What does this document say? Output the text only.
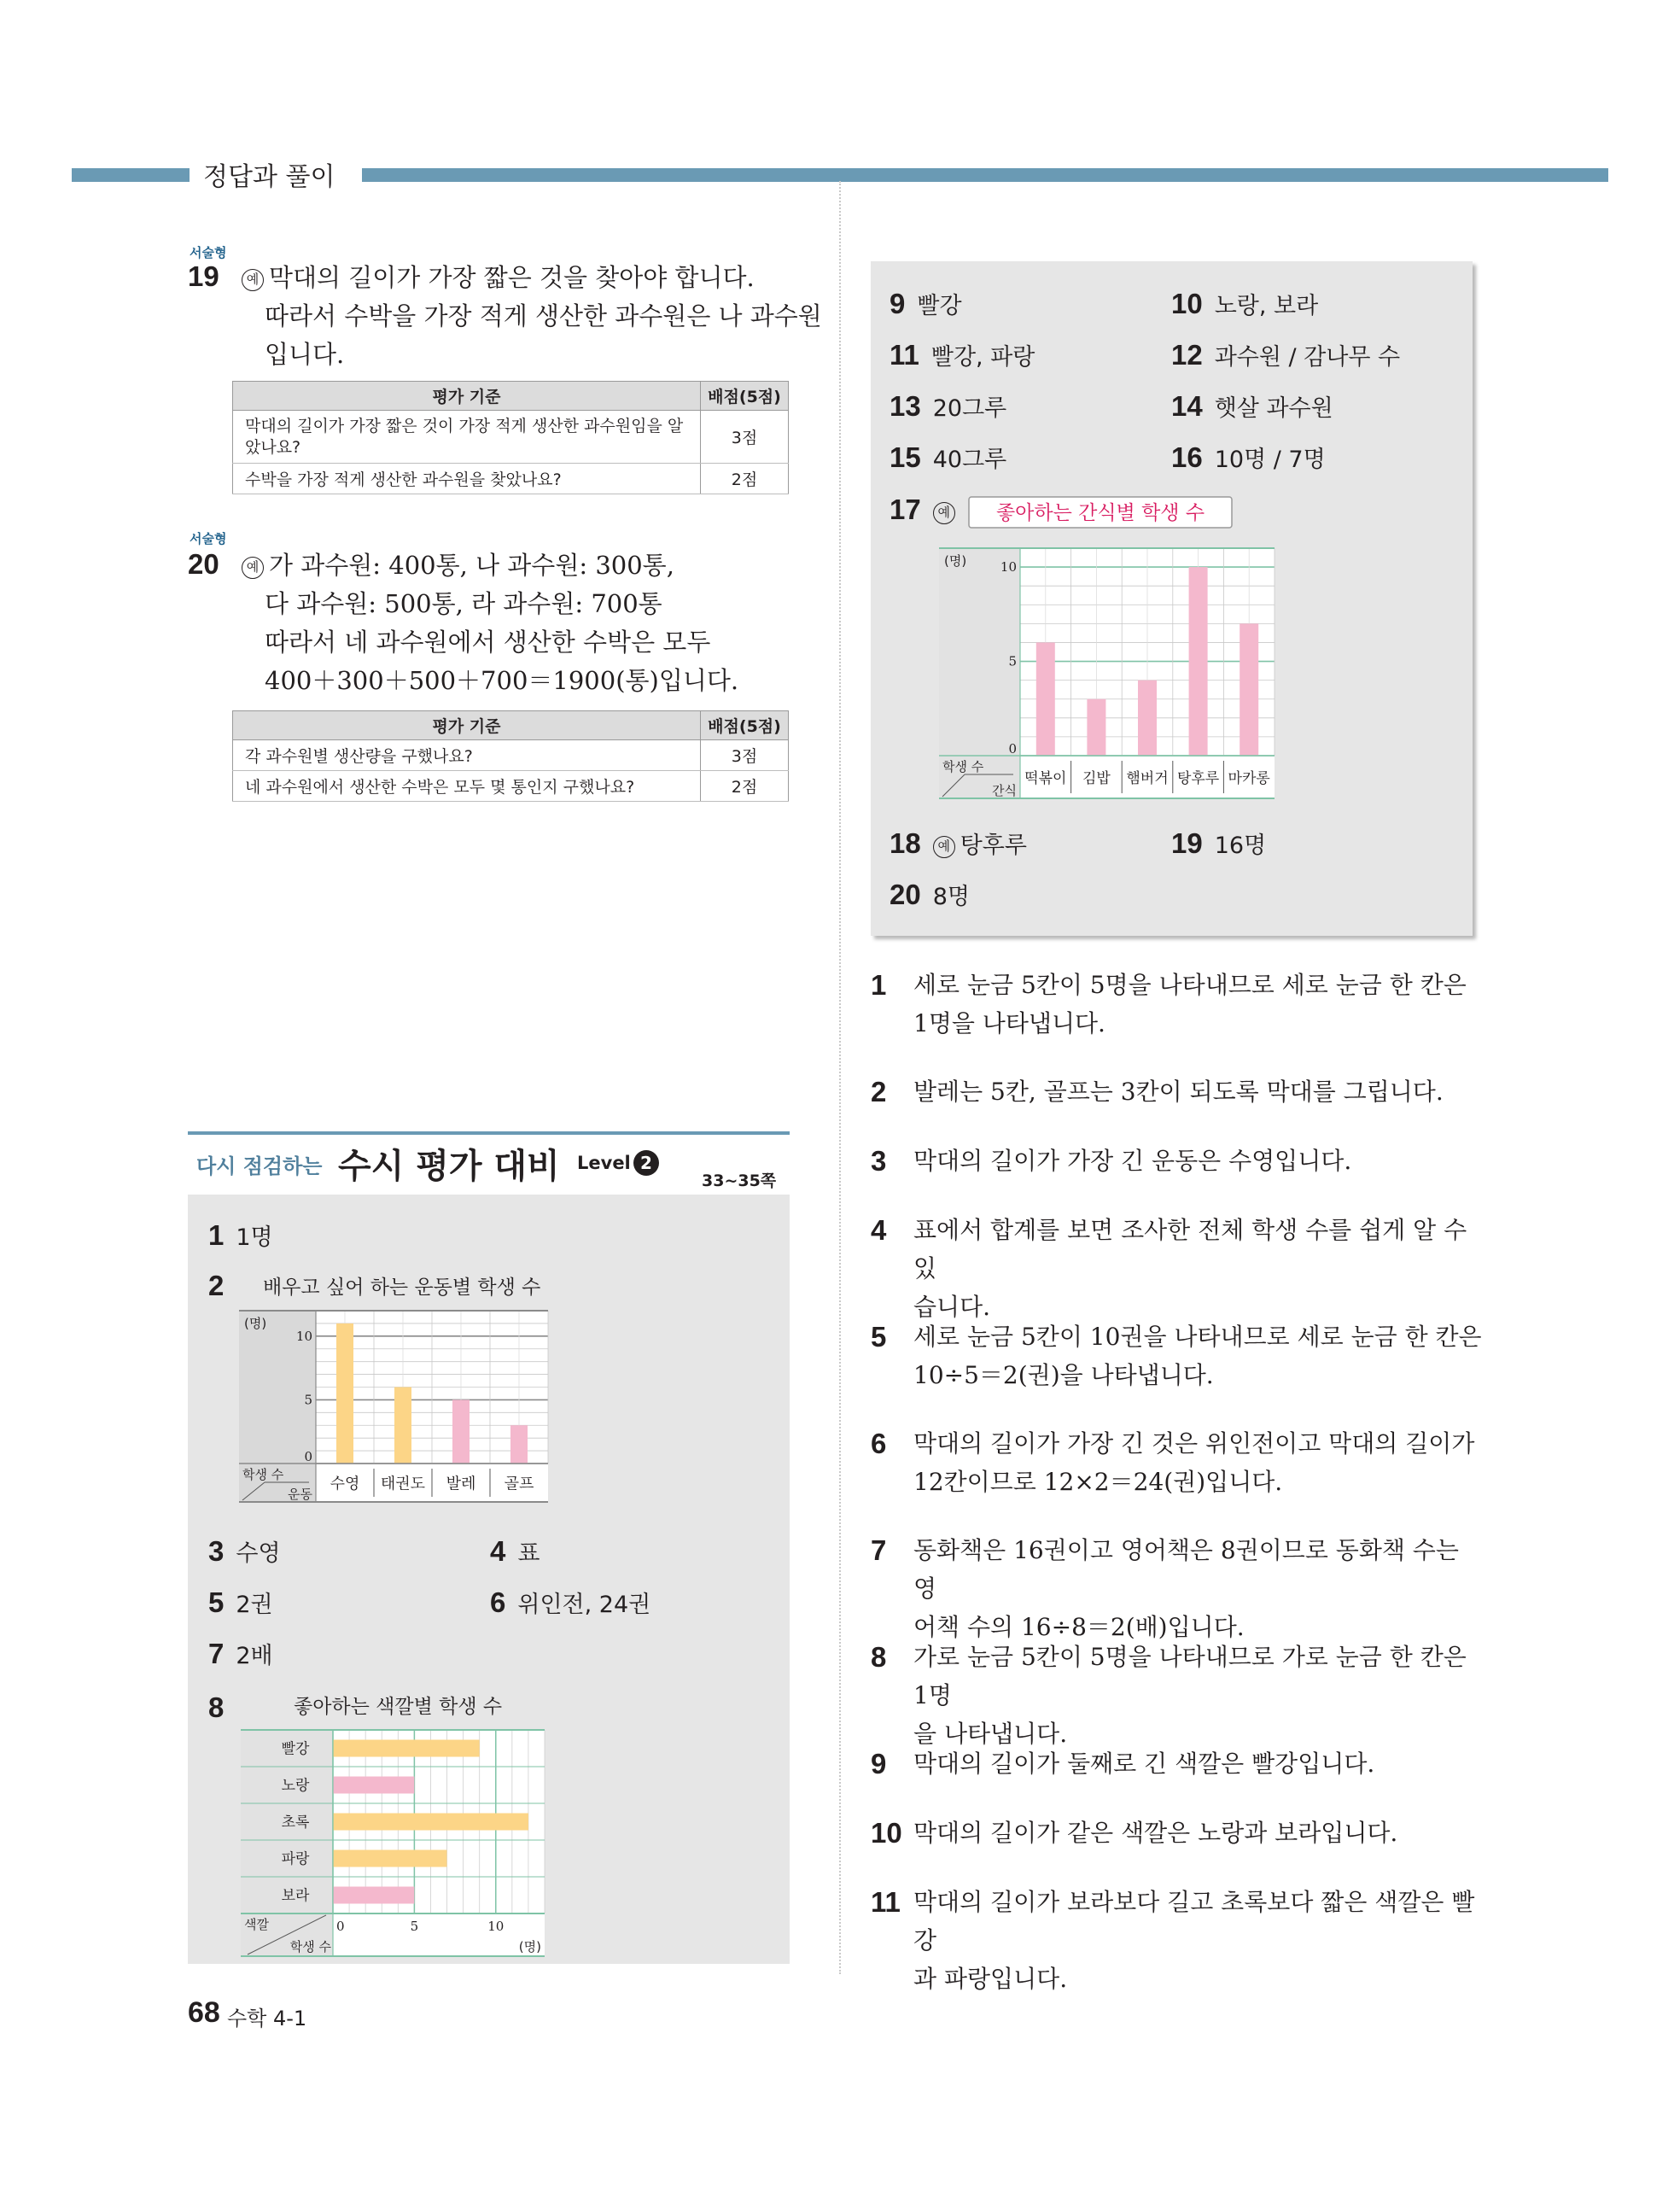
정답과 풀이
서술형
19	예 막대의 길이가 가장 짧은 것을 찾아야 합니다.
따라서 수박을 가장 적게 생산한 과수원은 나 과수원
입니다.
평가 기준	배점(5점)
막대의 길이가 가장 짧은 것이 가장 적게 생산한 과수원임을 알았나요?	3점
수박을 가장 적게 생산한 과수원을 찾았나요?	2점
서술형
20	예 가 과수원: 400통, 나 과수원: 300통,
다 과수원: 500통, 라 과수원: 700통
따라서 네 과수원에서 생산한 수박은 모두
400＋300＋500＋700＝1900(통)입니다.
평가 기준	배점(5점)
각 과수원별 생산량을 구했나요?	3점
네 과수원에서 생산한 수박은 모두 몇 통인지 구했나요?	2점
9 빨강	10 노랑, 보라
11 빨강, 파랑	12 과수원 / 감나무 수
13 20그루	14 햇살 과수원
15 40그루	16 10명 / 7명
17 예	좋아하는 간식별 학생 수
떡볶이 김밥 햄버거 탕후루 마카롱
0
5
10
(명)
학생 수
간식
18 예 탕후루	19 16명
20 8명
1 세로 눈금 5칸이 5명을 나타내므로 세로 눈금 한 칸은
1명을 나타냅니다.
2 발레는 5칸, 골프는 3칸이 되도록 막대를 그립니다.
3 막대의 길이가 가장 긴 운동은 수영입니다.
4 표에서 합계를 보면 조사한 전체 학생 수를 쉽게 알 수 있
습니다.
5 세로 눈금 5칸이 10권을 나타내므로 세로 눈금 한 칸은
10÷5＝2(권)을 나타냅니다.
6 막대의 길이가 가장 긴 것은 위인전이고 막대의 길이가
12칸이므로 12×2＝24(권)입니다.
7 동화책은 16권이고 영어책은 8권이므로 동화책 수는 영
어책 수의 16÷8＝2(배)입니다.
8 가로 눈금 5칸이 5명을 나타내므로 가로 눈금 한 칸은 1명
을 나타냅니다.
9 막대의 길이가 둘째로 긴 색깔은 빨강입니다.
10 막대의 길이가 같은 색깔은 노랑과 보라입니다.
11 막대의 길이가 보라보다 길고 초록보다 짧은 색깔은 빨강
과 파랑입니다.
다시 점검하는 수시 평가 대비 Level 2
33~35쪽
1 1명
2	배우고 싶어 하는 운동별 학생 수
수영 태권도 발레 골프
0
5
10
(명)
학생 수
운동
3 수영	4 표
5 2권	6 위인전, 24권
7 2배
8	좋아하는 색깔별 학생 수
빨강
노랑
초록
파랑
보라
0	5	10
(명)
색깔
학생 수
68 수학 4-1
